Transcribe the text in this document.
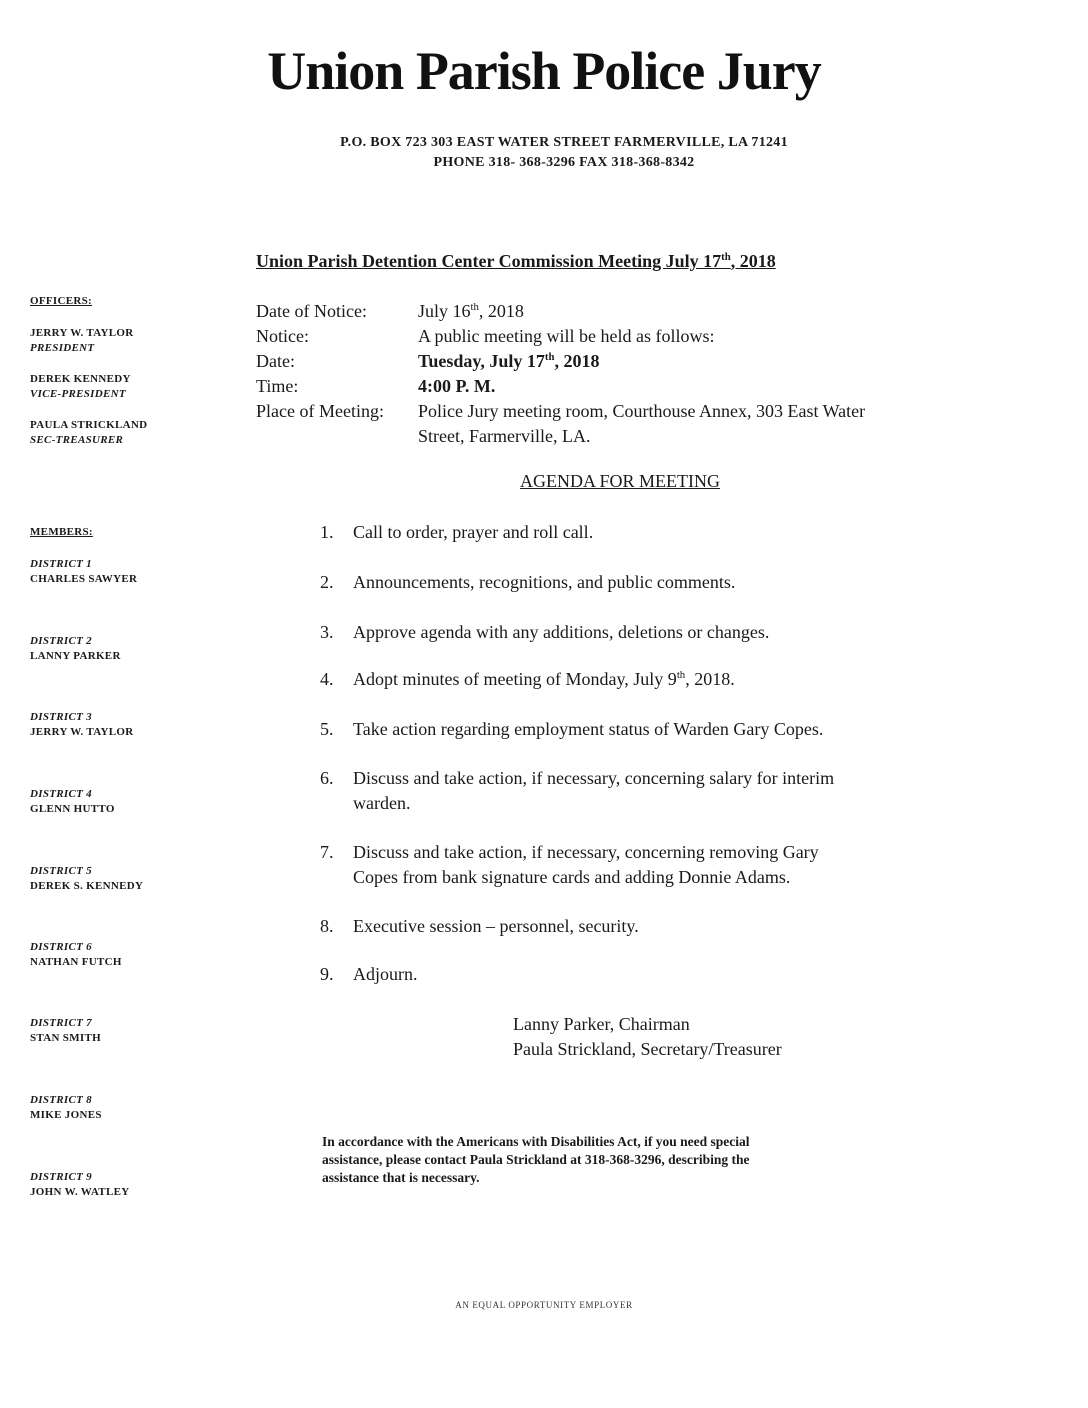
Union Parish Police Jury
P.O. BOX 723 303 EAST WATER STREET FARMERVILLE, LA 71241
PHONE 318- 368-3296 FAX 318-368-8342
Union Parish Detention Center Commission Meeting July 17th, 2018
OFFICERS:
JERRY W. TAYLOR
PRESIDENT
DEREK KENNEDY
VICE-PRESIDENT
PAULA STRICKLAND
SEC-TREASURER
MEMBERS:
DISTRICT 1
CHARLES SAWYER
DISTRICT 2
LANNY PARKER
DISTRICT 3
JERRY W. TAYLOR
DISTRICT 4
GLENN HUTTO
DISTRICT 5
DEREK S. KENNEDY
DISTRICT 6
NATHAN FUTCH
DISTRICT 7
STAN SMITH
DISTRICT 8
MIKE JONES
DISTRICT 9
JOHN W. WATLEY
Date of Notice:	July 16th, 2018
Notice:	A public meeting will be held as follows:
Date:	Tuesday, July 17th, 2018
Time:	4:00 P. M.
Place of Meeting: Police Jury meeting room, Courthouse Annex, 303 East Water
Street, Farmerville, LA.
AGENDA FOR MEETING
1. Call to order, prayer and roll call.
2. Announcements, recognitions, and public comments.
3. Approve agenda with any additions, deletions or changes.
4. Adopt minutes of meeting of Monday, July 9th, 2018.
5. Take action regarding employment status of Warden Gary Copes.
6. Discuss and take action, if necessary, concerning salary for interim
warden.
7. Discuss and take action, if necessary, concerning removing Gary
Copes from bank signature cards and adding Donnie Adams.
8. Executive session – personnel, security.
9. Adjourn.
Lanny Parker, Chairman
Paula Strickland, Secretary/Treasurer
In accordance with the Americans with Disabilities Act, if you need special
assistance, please contact Paula Strickland at 318-368-3296, describing the
assistance that is necessary.
AN EQUAL OPPORTUNITY EMPLOYER
